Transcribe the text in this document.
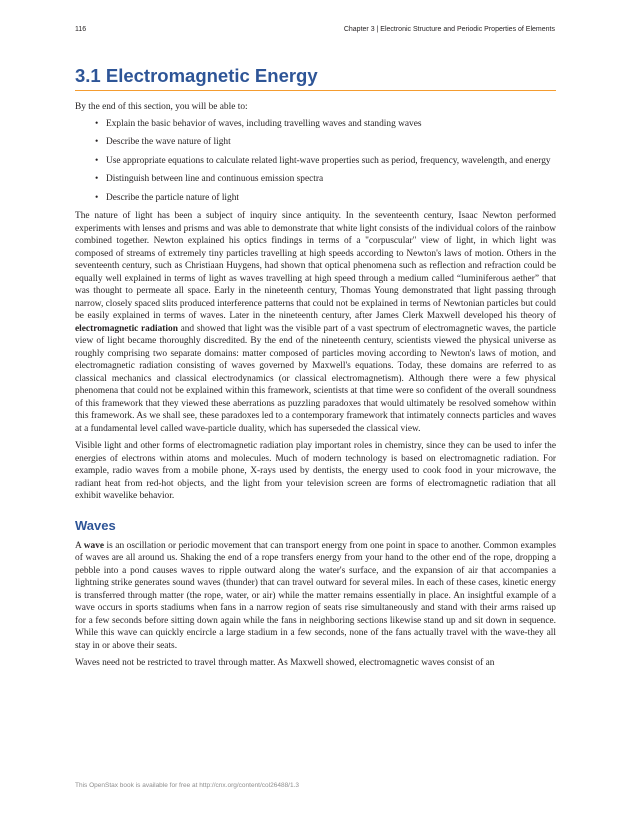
116	Chapter 3 | Electronic Structure and Periodic Properties of Elements
3.1 Electromagnetic Energy
By the end of this section, you will be able to:
• Explain the basic behavior of waves, including travelling waves and standing waves
• Describe the wave nature of light
• Use appropriate equations to calculate related light-wave properties such as period, frequency, wavelength, and energy
• Distinguish between line and continuous emission spectra
• Describe the particle nature of light

The nature of light has been a subject of inquiry since antiquity. In the seventeenth century, Isaac Newton performed experiments with lenses and prisms and was able to demonstrate that white light consists of the individual colors of the rainbow combined together. Newton explained his optics findings in terms of a "corpuscular" view of light, in which light was composed of streams of extremely tiny particles travelling at high speeds according to Newton's laws of motion. Others in the seventeenth century, such as Christiaan Huygens, had shown that optical phenomena such as reflection and refraction could be equally well explained in terms of light as waves travelling at high speed through a medium called “luminiferous aether” that was thought to permeate all space. Early in the nineteenth century, Thomas Young demonstrated that light passing through narrow, closely spaced slits produced interference patterns that could not be explained in terms of Newtonian particles but could be easily explained in terms of waves. Later in the nineteenth century, after James Clerk Maxwell developed his theory of electromagnetic radiation and showed that light was the visible part of a vast spectrum of electromagnetic waves, the particle view of light became thoroughly discredited. By the end of the nineteenth century, scientists viewed the physical universe as roughly comprising two separate domains: matter composed of particles moving according to Newton's laws of motion, and electromagnetic radiation consisting of waves governed by Maxwell's equations. Today, these domains are referred to as classical mechanics and classical electrodynamics (or classical electromagnetism). Although there were a few physical phenomena that could not be explained within this framework, scientists at that time were so confident of the overall soundness of this framework that they viewed these aberrations as puzzling paradoxes that would ultimately be resolved somehow within this framework. As we shall see, these paradoxes led to a contemporary framework that intimately connects particles and waves at a fundamental level called wave-particle duality, which has superseded the classical view.

Visible light and other forms of electromagnetic radiation play important roles in chemistry, since they can be used to infer the energies of electrons within atoms and molecules. Much of modern technology is based on electromagnetic radiation. For example, radio waves from a mobile phone, X-rays used by dentists, the energy used to cook food in your microwave, the radiant heat from red-hot objects, and the light from your television screen are forms of electromagnetic radiation that all exhibit wavelike behavior.

Waves

A wave is an oscillation or periodic movement that can transport energy from one point in space to another. Common examples of waves are all around us. Shaking the end of a rope transfers energy from your hand to the other end of the rope, dropping a pebble into a pond causes waves to ripple outward along the water's surface, and the expansion of air that accompanies a lightning strike generates sound waves (thunder) that can travel outward for several miles. In each of these cases, kinetic energy is transferred through matter (the rope, water, or air) while the matter remains essentially in place. An insightful example of a wave occurs in sports stadiums when fans in a narrow region of seats rise simultaneously and stand with their arms raised up for a few seconds before sitting down again while the fans in neighboring sections likewise stand up and sit down in sequence. While this wave can quickly encircle a large stadium in a few seconds, none of the fans actually travel with the wave-they all stay in or above their seats.

Waves need not be restricted to travel through matter. As Maxwell showed, electromagnetic waves consist of an

This OpenStax book is available for free at http://cnx.org/content/col26488/1.3
